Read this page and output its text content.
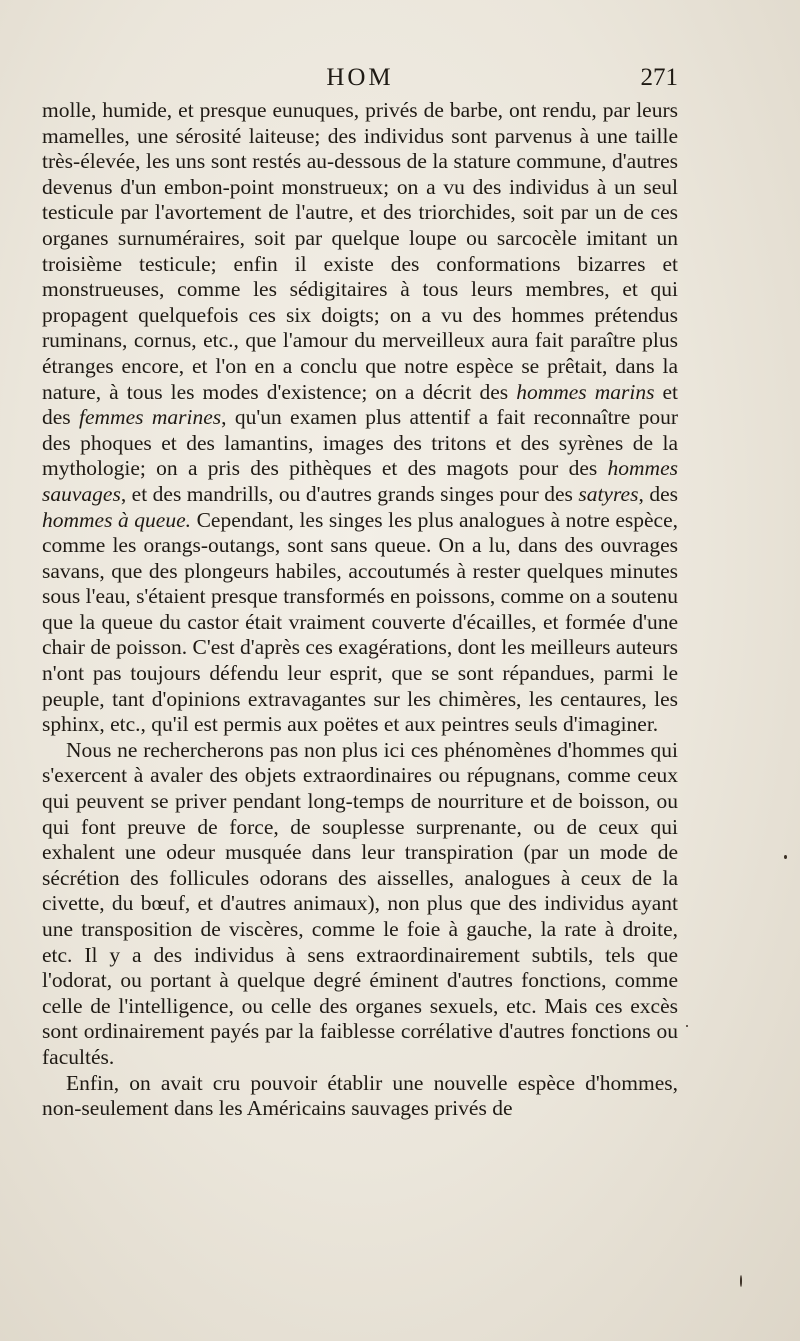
HOM	271

molle, humide, et presque eunuques, privés de barbe, ont rendu, par leurs mamelles, une sérosité laiteuse; des individus sont parvenus à une taille très-élevée, les uns sont restés au-dessous de la stature commune, d'autres devenus d'un embon-point monstrueux; on a vu des individus à un seul testicule par l'avortement de l'autre, et des triorchides, soit par un de ces organes surnuméraires, soit par quelque loupe ou sarcocèle imitant un troisième testicule; enfin il existe des conformations bizarres et monstrueuses, comme les sédigitaires à tous leurs membres, et qui propagent quelquefois ces six doigts; on a vu des hommes prétendus ruminans, cornus, etc., que l'amour du merveilleux aura fait paraître plus étranges encore, et l'on en a conclu que notre espèce se prêtait, dans la nature, à tous les modes d'existence; on a décrit des hommes marins et des femmes marines, qu'un examen plus attentif a fait reconnaître pour des phoques et des lamantins, images des tritons et des syrènes de la mythologie; on a pris des pithèques et des magots pour des hommes sauvages, et des mandrills, ou d'autres grands singes pour des satyres, des hommes à queue. Cependant, les singes les plus analogues à notre espèce, comme les orangs-outangs, sont sans queue. On a lu, dans des ouvrages savans, que des plongeurs habiles, accoutumés à rester quelques minutes sous l'eau, s'étaient presque transformés en poissons, comme on a soutenu que la queue du castor était vraiment couverte d'écailles, et formée d'une chair de poisson. C'est d'après ces exagérations, dont les meilleurs auteurs n'ont pas toujours défendu leur esprit, que se sont répandues, parmi le peuple, tant d'opinions extravagantes sur les chimères, les centaures, les sphinx, etc., qu'il est permis aux poëtes et aux peintres seuls d'imaginer.

Nous ne rechercherons pas non plus ici ces phénomènes d'hommes qui s'exercent à avaler des objets extraordinaires ou répugnans, comme ceux qui peuvent se priver pendant long-temps de nourriture et de boisson, ou qui font preuve de force, de souplesse surprenante, ou de ceux qui exhalent une odeur musquée dans leur transpiration (par un mode de sécrétion des follicules odorans des aisselles, analogues à ceux de la civette, du bœuf, et d'autres animaux), non plus que des individus ayant une transposition de viscères, comme le foie à gauche, la rate à droite, etc. Il y a des individus à sens extraordinairement subtils, tels que l'odorat, ou portant à quelque degré éminent d'autres fonctions, comme celle de l'intelligence, ou celle des organes sexuels, etc. Mais ces excès sont ordinairement payés par la faiblesse corrélative d'autres fonctions ou facultés.

Enfin, on avait cru pouvoir établir une nouvelle espèce d'hommes, non-seulement dans les Américains sauvages privés de
